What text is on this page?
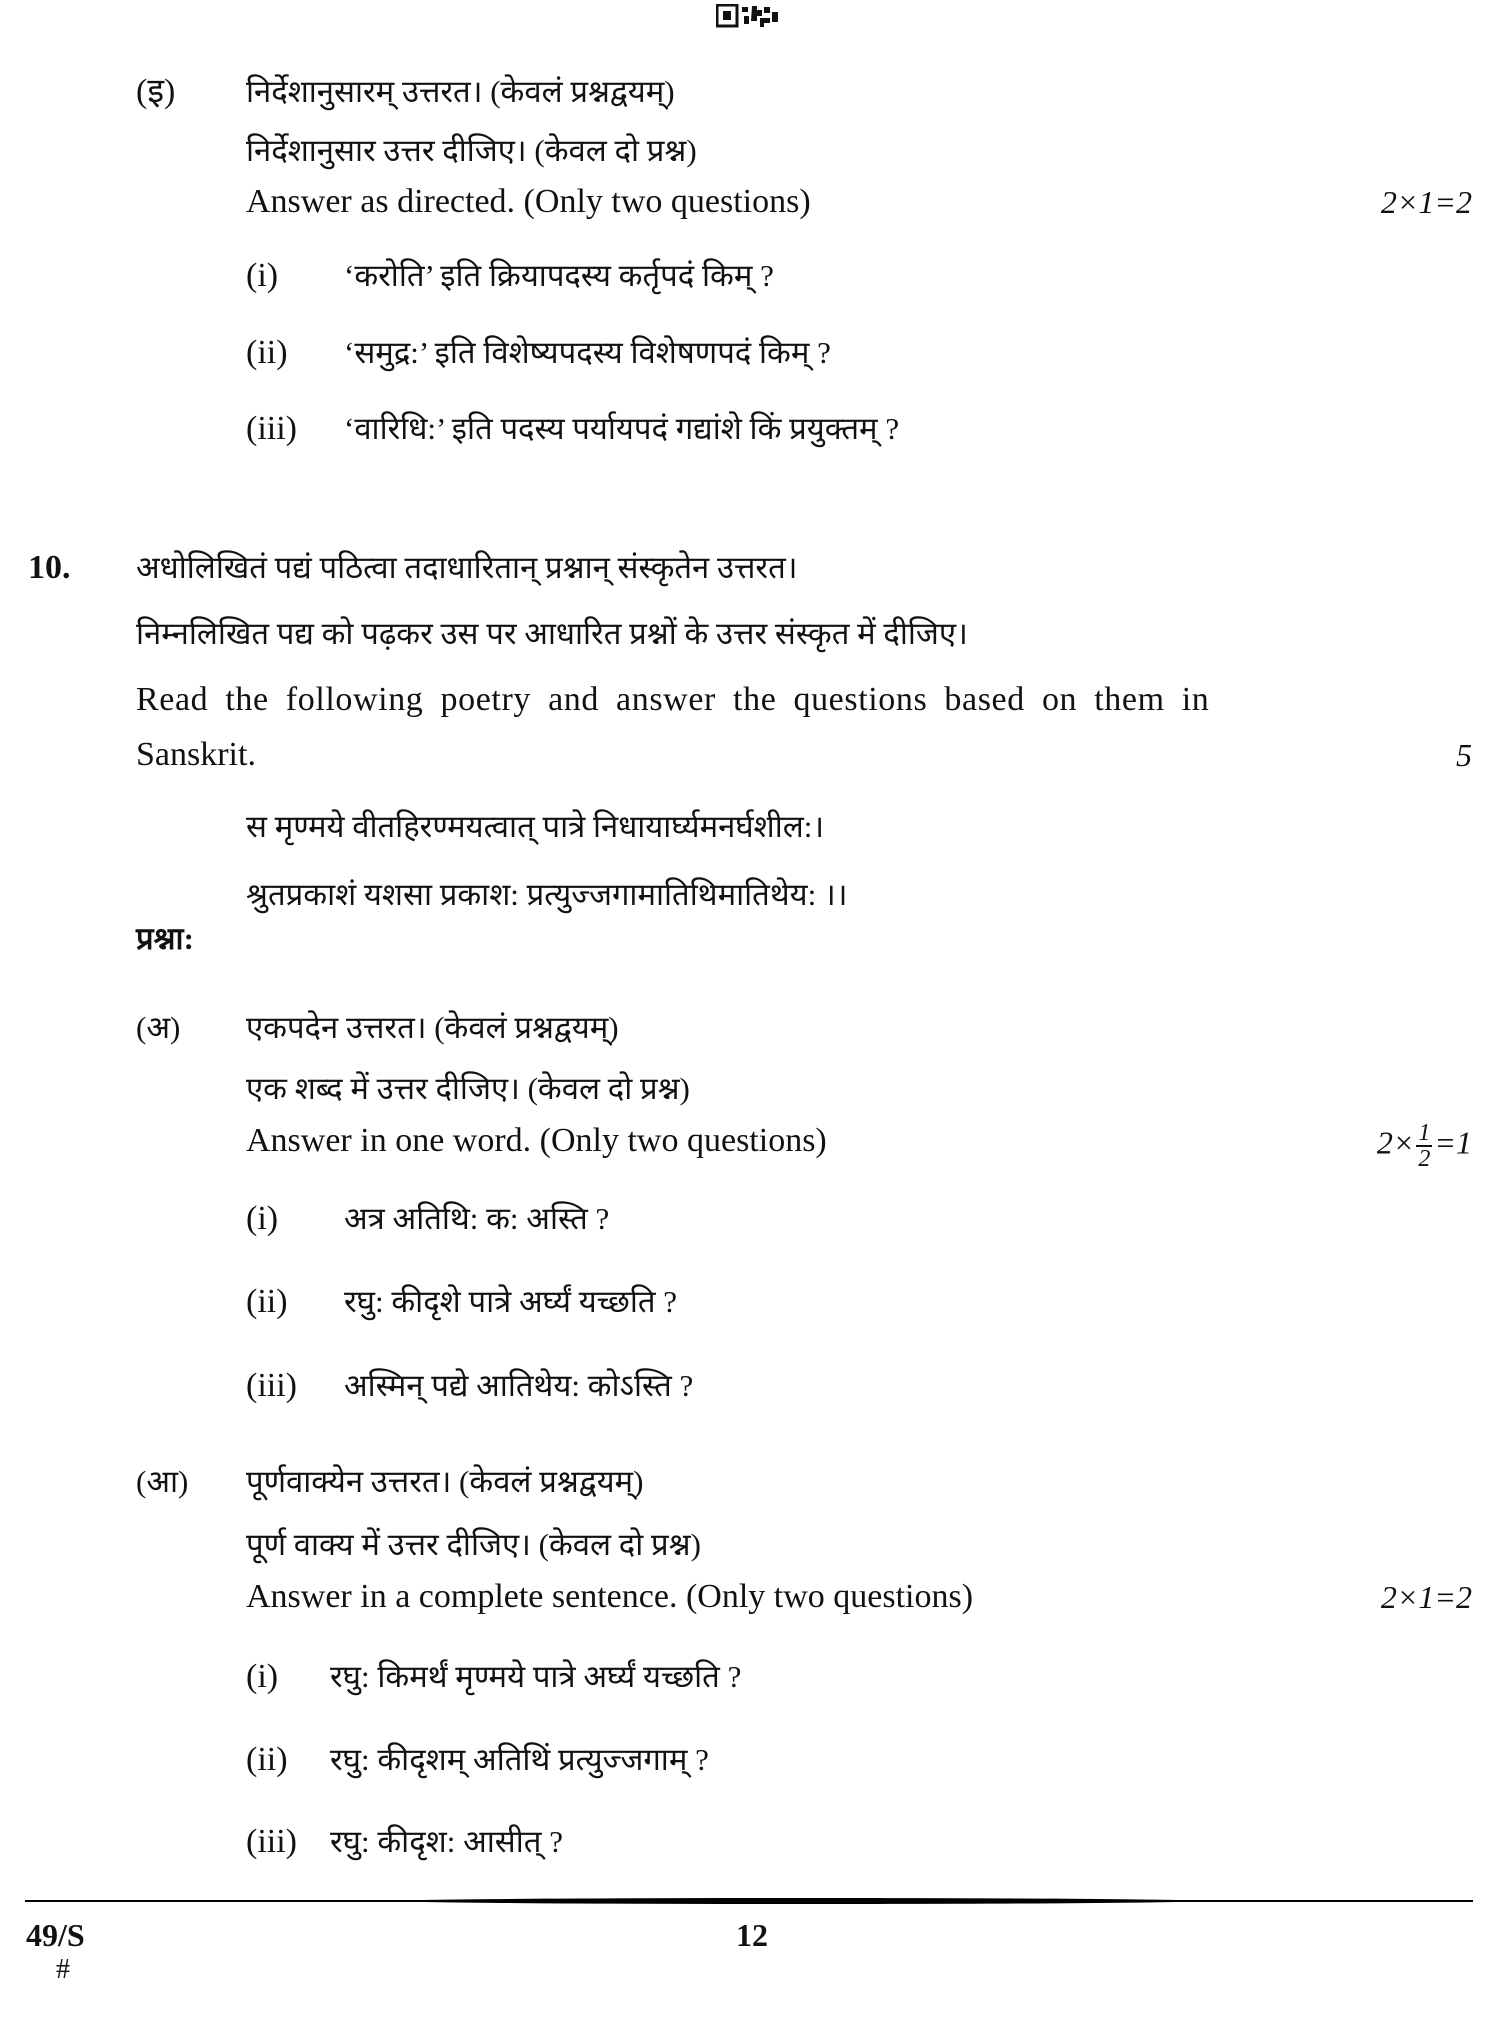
(इ) निर्देशानुसारम् उत्तरत। (केवलं प्रश्नद्वयम्)
निर्देशानुसार उत्तर दीजिए। (केवल दो प्रश्न)
Answer as directed. (Only two questions)	2×1=2
(i) ‘करोति’ इति क्रियापदस्य कर्तृपदं किम् ?
(ii) ‘समुद्र:’ इति विशेष्यपदस्य विशेषणपदं किम् ?
(iii) ‘वारिधि:’ इति पदस्य पर्यायपदं गद्यांशे किं प्रयुक्तम् ?
10. अधोलिखितं पद्यं पठित्वा तदाधारितान् प्रश्नान् संस्कृतेन उत्तरत।
निम्नलिखित पद्य को पढ़कर उस पर आधारित प्रश्नों के उत्तर संस्कृत में दीजिए।
Read the following poetry and answer the questions based on them in
Sanskrit.	5
स मृण्मये वीतहिरण्मयत्वात् पात्रे निधायार्घ्यमनर्घशील:।
श्रुतप्रकाशं यशसा प्रकाश: प्रत्युज्जगामातिथिमातिथेय: ।।
प्रश्ना:
(अ) एकपदेन उत्तरत। (केवलं प्रश्नद्वयम्)
एक शब्द में उत्तर दीजिए। (केवल दो प्रश्न)
Answer in one word. (Only two questions)	$2\times \frac{1}{2} =1$
(i) अत्र अतिथि: क: अस्ति ?
(ii) रघु: कीदृशे पात्रे अर्घ्यं यच्छति ?
(iii) अस्मिन् पद्ये आतिथेय: कोऽस्ति ?
(आ) पूर्णवाक्येन उत्तरत। (केवलं प्रश्नद्वयम्)
पूर्ण वाक्य में उत्तर दीजिए। (केवल दो प्रश्न)
Answer in a complete sentence. (Only two questions)	2×1=2
(i) रघु: किमर्थं मृण्मये पात्रे अर्घ्यं यच्छति ?
(ii) रघु: कीदृशम् अतिथिं प्रत्युज्जगाम् ?
(iii) रघु: कीदृश: आसीत् ?
49/S	12
#
